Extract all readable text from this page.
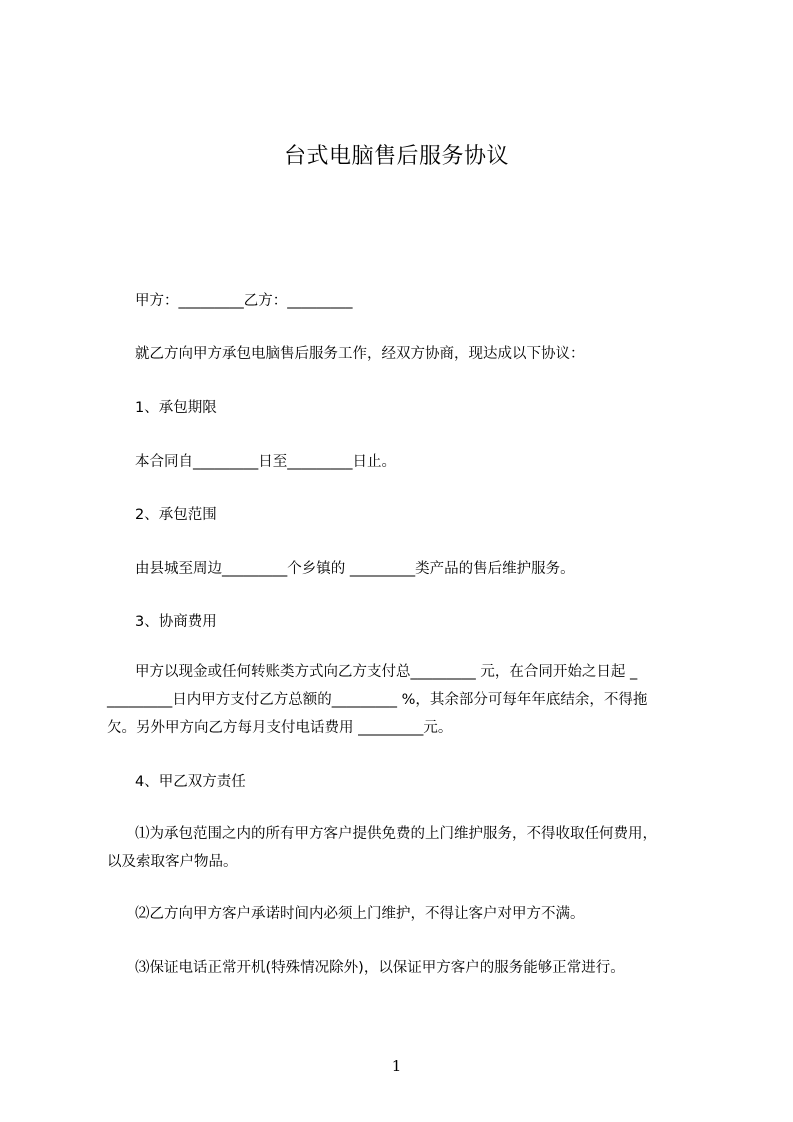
台式电脑售后服务协议
甲方：_________乙方：_________
就乙方向甲方承包电脑售后服务工作，经双方协商，现达成以下协议：
1、承包期限
本合同自_________日至_________日止。
2、承包范围
由县城至周边_________个乡镇的 _________类产品的售后维护服务。
3、协商费用
甲方以现金或任何转账类方式向乙方支付总_________ 元，在合同开始之日起 _
_________日内甲方支付乙方总额的_________ %，其余部分可每年年底结余，不得拖
欠。另外甲方向乙方每月支付电话费用 _________元。
4、甲乙双方责任
⑴为承包范围之内的所有甲方客户提供免费的上门维护服务，不得收取任何费用，
以及索取客户物品。
⑵乙方向甲方客户承诺时间内必须上门维护，不得让客户对甲方不满。
⑶保证电话正常开机(特殊情况除外)，以保证甲方客户的服务能够正常进行。
1
